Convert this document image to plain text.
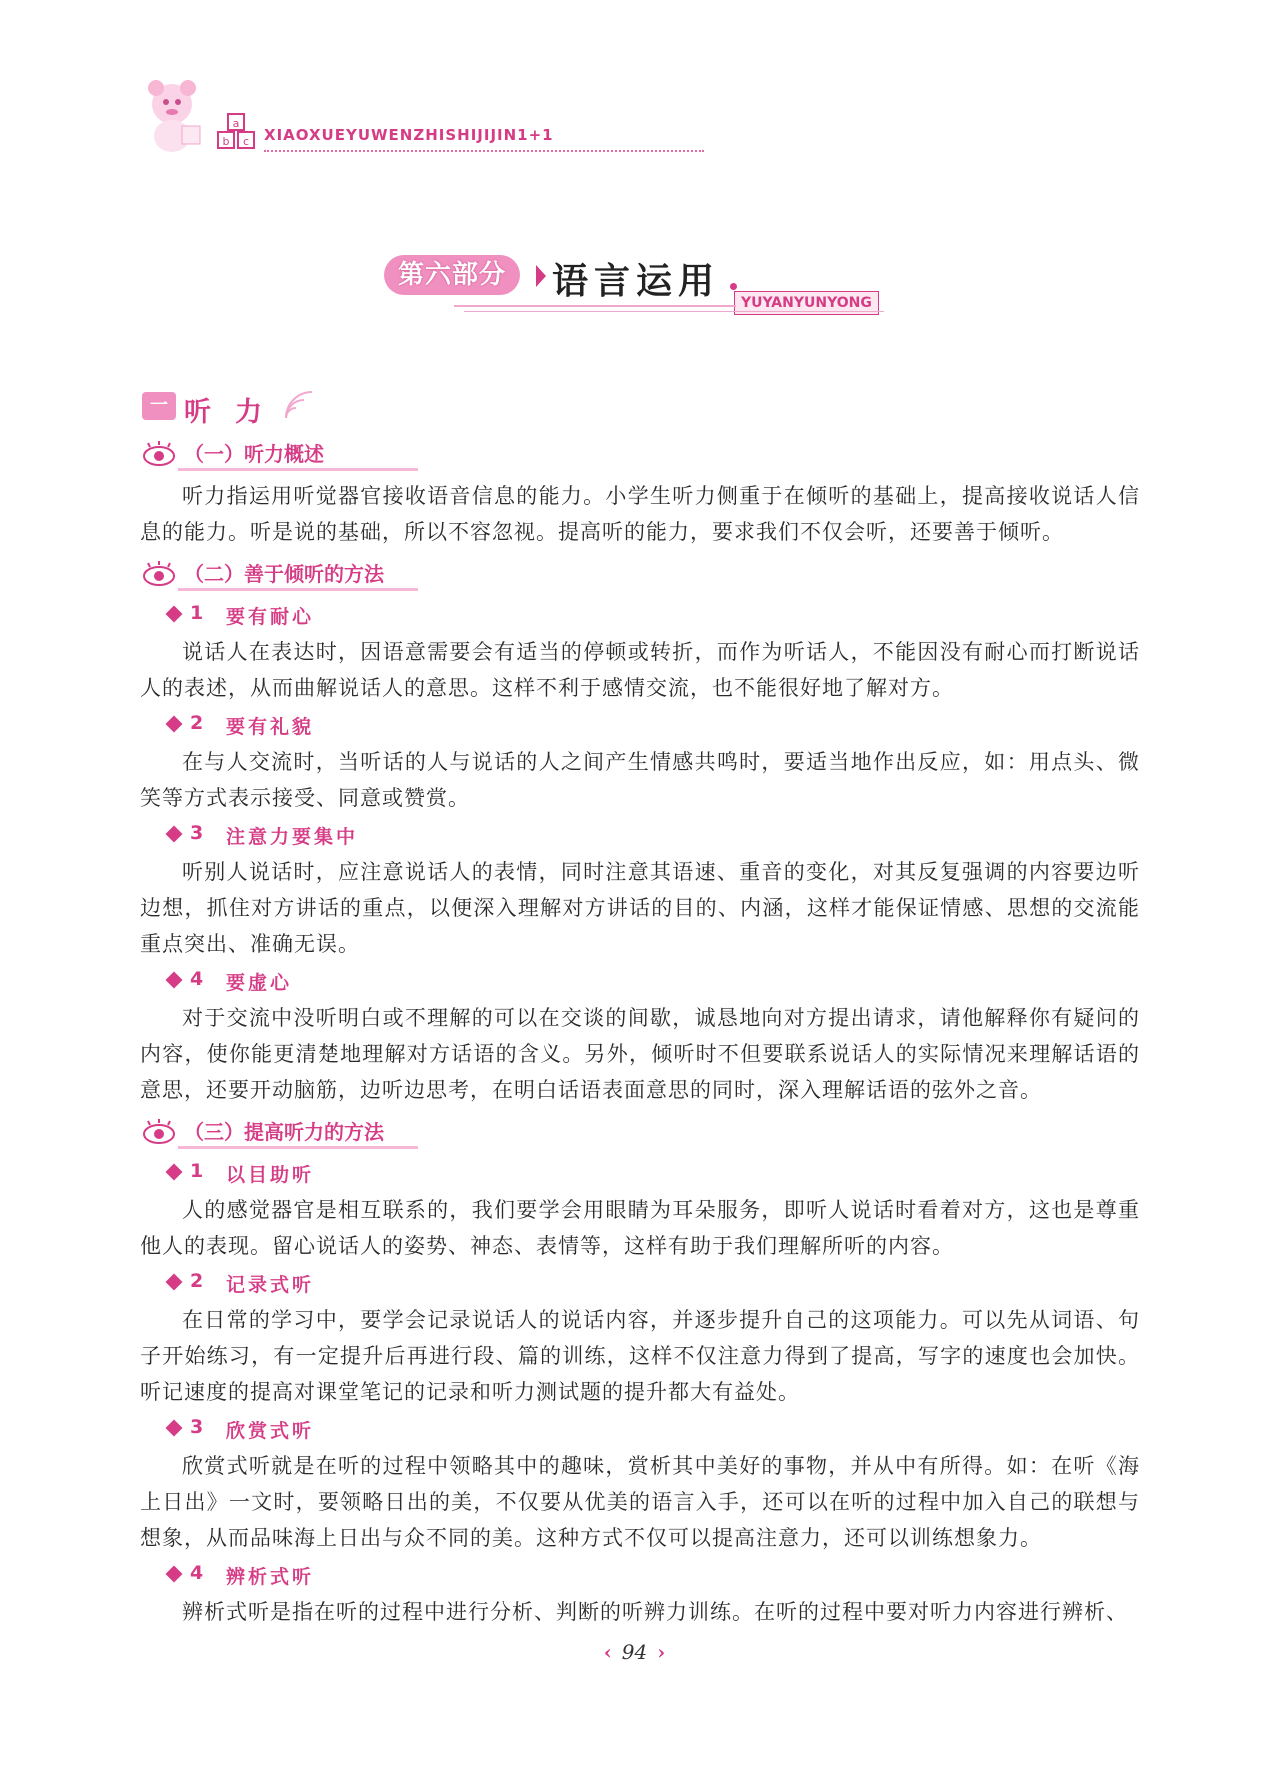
a
b c XIAOXUEYUWENZHISHIJIJIN1+1
第六部分	语言运用
YUYANYUNYONG
一 听力
（一）听力概述

听力指运用听觉器官接收语音信息的能力。小学生听力侧重于在倾听的基础上，提高接收说话人信息的能力。听是说的基础，所以不容忽视。提高听的能力，要求我们不仅会听，还要善于倾听。

（二）善于倾听的方法
1 要有耐心

说话人在表达时，因语意需要会有适当的停顿或转折，而作为听话人，不能因没有耐心而打断说话人的表述，从而曲解说话人的意思。这样不利于感情交流，也不能很好地了解对方。

2 要有礼貌

在与人交流时，当听话的人与说话的人之间产生情感共鸣时，要适当地作出反应，如：用点头、微笑等方式表示接受、同意或赞赏。

3 注意力要集中

听别人说话时，应注意说话人的表情，同时注意其语速、重音的变化，对其反复强调的内容要边听边想，抓住对方讲话的重点，以便深入理解对方讲话的目的、内涵，这样才能保证情感、思想的交流能重点突出、准确无误。

4 要虚心

对于交流中没听明白或不理解的可以在交谈的间歇，诚恳地向对方提出请求，请他解释你有疑问的内容，使你能更清楚地理解对方话语的含义。另外，倾听时不但要联系说话人的实际情况来理解话语的意思，还要开动脑筋，边听边思考，在明白话语表面意思的同时，深入理解话语的弦外之音。

（三）提高听力的方法
1 以目助听

人的感觉器官是相互联系的，我们要学会用眼睛为耳朵服务，即听人说话时看着对方，这也是尊重他人的表现。留心说话人的姿势、神态、表情等，这样有助于我们理解所听的内容。

2 记录式听

在日常的学习中，要学会记录说话人的说话内容，并逐步提升自己的这项能力。可以先从词语、句子开始练习，有一定提升后再进行段、篇的训练，这样不仅注意力得到了提高，写字的速度也会加快。听记速度的提高对课堂笔记的记录和听力测试题的提升都大有益处。

3 欣赏式听

欣赏式听就是在听的过程中领略其中的趣味，赏析其中美好的事物，并从中有所得。如：在听《海上日出》一文时，要领略日出的美，不仅要从优美的语言入手，还可以在听的过程中加入自己的联想与想象，从而品味海上日出与众不同的美。这种方式不仅可以提高注意力，还可以训练想象力。

4 辨析式听

辨析式听是指在听的过程中进行分析、判断的听辨力训练。在听的过程中要对听力内容进行辨析、

‹ 94 ›
